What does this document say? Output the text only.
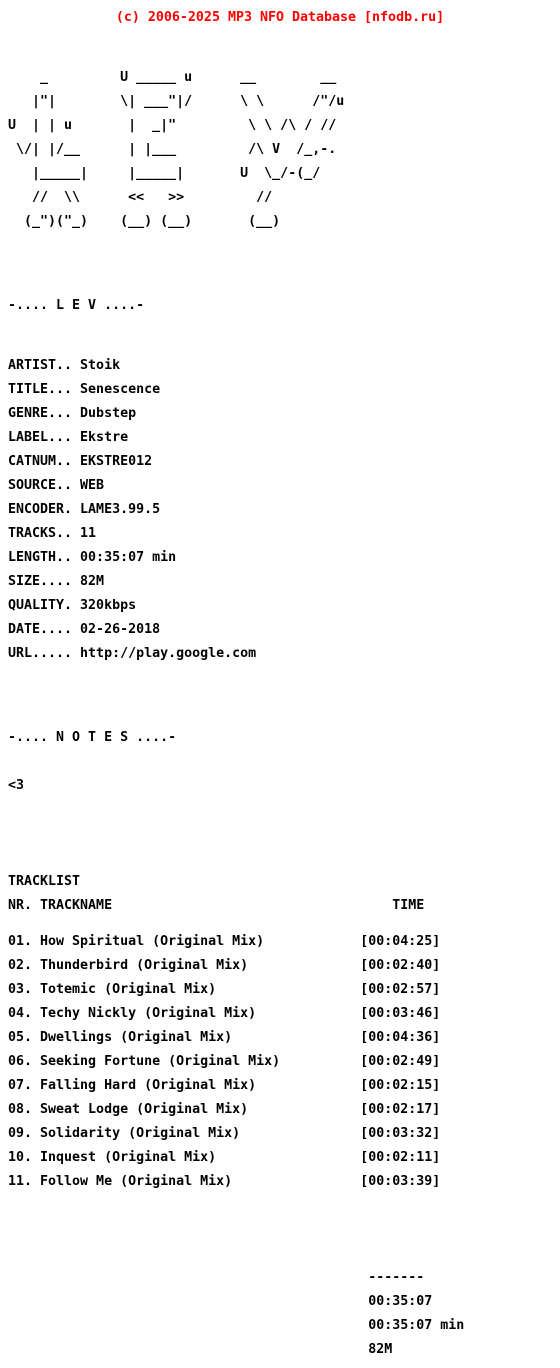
(c) 2006-2025 MP3 NFO Database [nfodb.ru]

_         U _____ u      __        __

|"|        \| ___"|/      \ \      /"/u

U  | | u       |  _|"         \ \ /\ / //

\/| |/__      | |___         /\ V  /_,-.

|_____|     |_____|       U  \_/-(_/

//  \\      <<   >>         //

(_")("_)    (__) (__)       (__)

-.... L E V ....-

ARTIST.. Stoik

TITLE... Senescence

GENRE... Dubstep

LABEL... Ekstre

CATNUM.. EKSTRE012

SOURCE.. WEB

ENCODER. LAME3.99.5

TRACKS.. 11

LENGTH.. 00:35:07 min

SIZE.... 82M

QUALITY. 320kbps

DATE.... 02-26-2018

URL..... http://play.google.com

-.... N O T E S ....-

<3

TRACKLIST

NR. TRACKNAME                                   TIME

01. How Spiritual (Original Mix)            [00:04:25]

02. Thunderbird (Original Mix)              [00:02:40]

03. Totemic (Original Mix)                  [00:02:57]

04. Techy Nickly (Original Mix)             [00:03:46]

05. Dwellings (Original Mix)                [00:04:36]

06. Seeking Fortune (Original Mix)          [00:02:49]

07. Falling Hard (Original Mix)             [00:02:15]

08. Sweat Lodge (Original Mix)              [00:02:17]

09. Solidarity (Original Mix)               [00:03:32]

10. Inquest (Original Mix)                  [00:02:11]

11. Follow Me (Original Mix)                [00:03:39]

-------

00:35:07

00:35:07 min

82M
